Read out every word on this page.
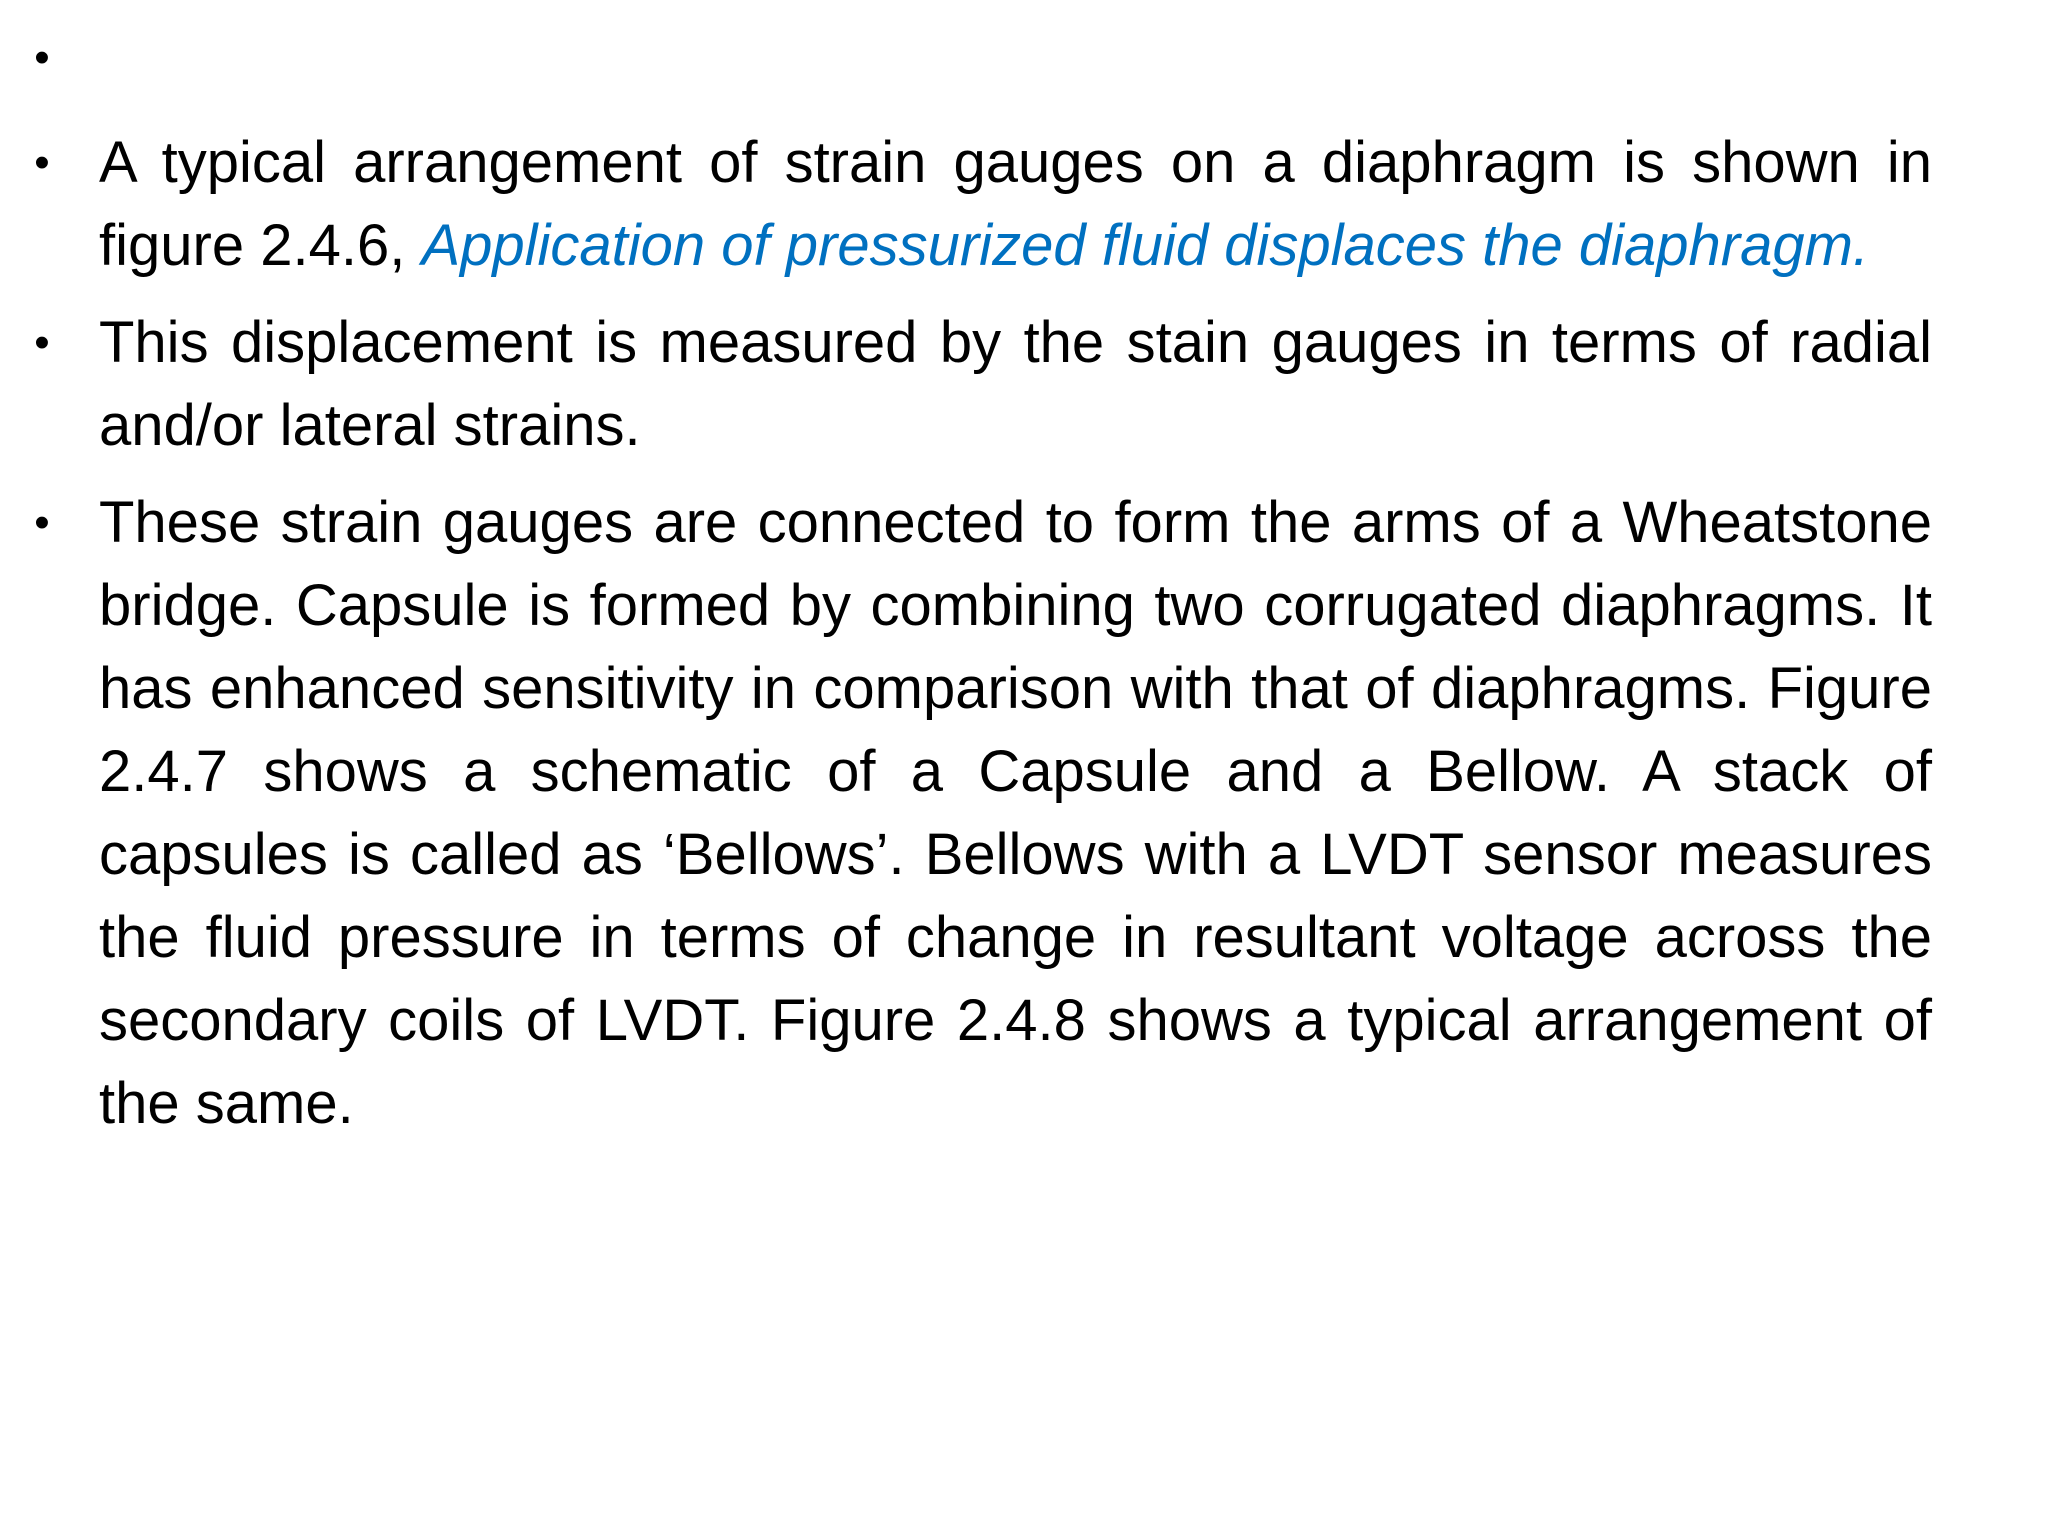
•
• A typical arrangement of strain gauges on a diaphragm is shown in figure 2.4.6, Application of pressurized fluid displaces the diaphragm.
• This displacement is measured by the stain gauges in terms of radial and/or lateral strains.
• These strain gauges are connected to form the arms of a Wheatstone bridge. Capsule is formed by combining two corrugated diaphragms. It has enhanced sensitivity in comparison with that of diaphragms. Figure 2.4.7 shows a schematic of a Capsule and a Bellow. A stack of capsules is called as ‘Bellows’. Bellows with a LVDT sensor measures the fluid pressure in terms of change in resultant voltage across the secondary coils of LVDT. Figure 2.4.8 shows a typical arrangement of the same.
